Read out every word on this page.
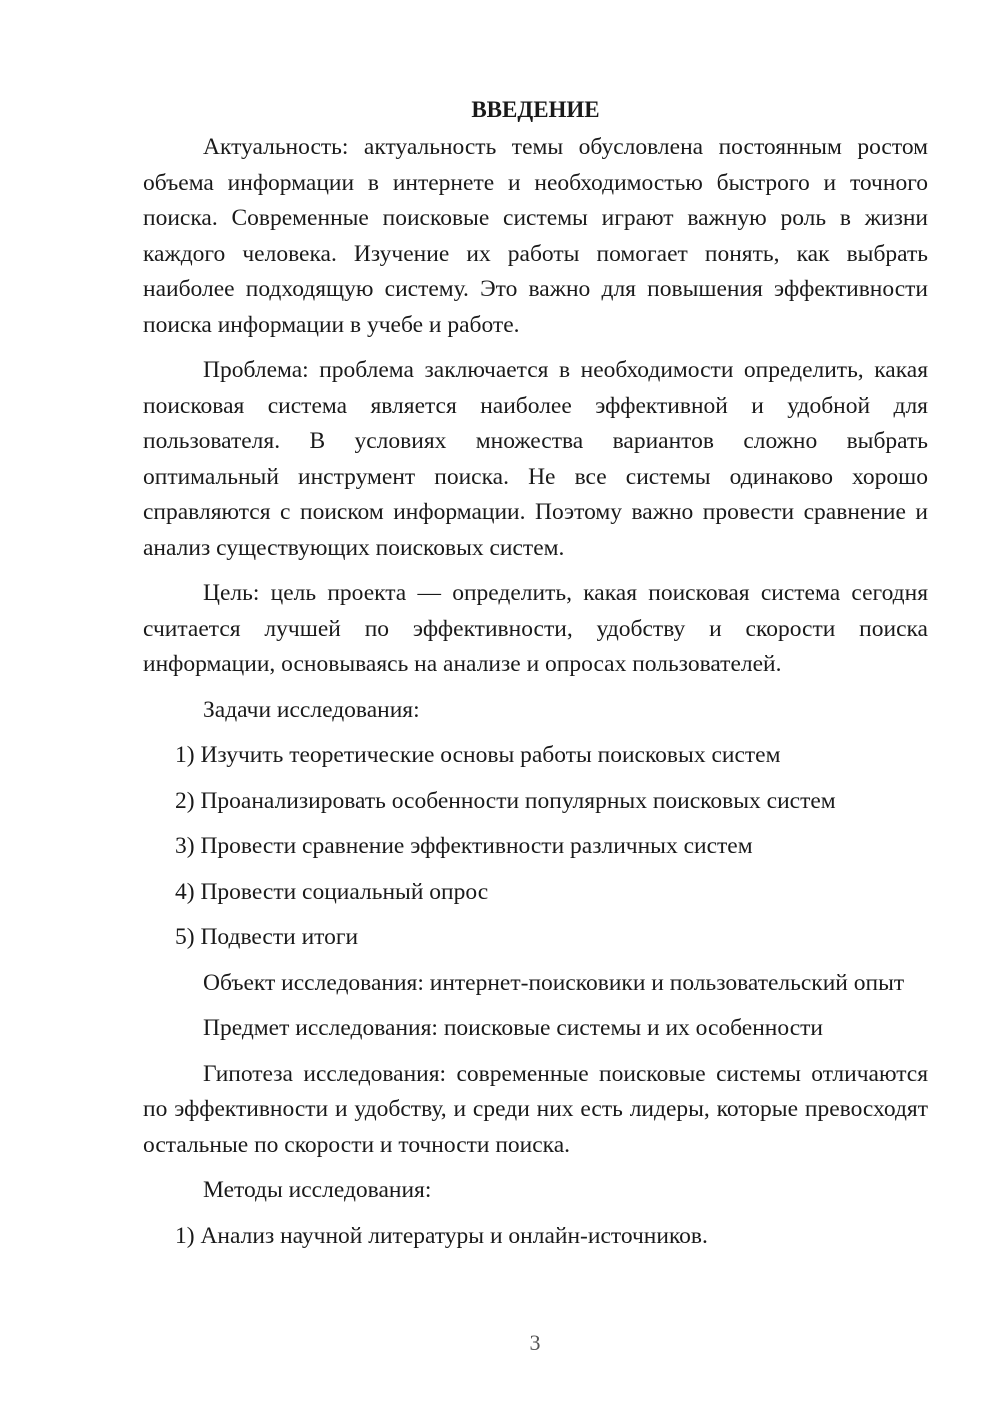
ВВЕДЕНИЕ

Актуальность: актуальность темы обусловлена постоянным ростом объема информации в интернете и необходимостью быстрого и точного поиска. Современные поисковые системы играют важную роль в жизни каждого человека. Изучение их работы помогает понять, как выбрать наиболее подходящую систему. Это важно для повышения эффективности поиска информации в учебе и работе.

Проблема: проблема заключается в необходимости определить, какая поисковая система является наиболее эффективной и удобной для пользователя. В условиях множества вариантов сложно выбрать оптимальный инструмент поиска. Не все системы одинаково хорошо справляются с поиском информации. Поэтому важно провести сравнение и анализ существующих поисковых систем.

Цель: цель проекта — определить, какая поисковая система сегодня считается лучшей по эффективности, удобству и скорости поиска информации, основываясь на анализе и опросах пользователей.

Задачи исследования:

1) Изучить теоретические основы работы поисковых систем

2) Проанализировать особенности популярных поисковых систем

3) Провести сравнение эффективности различных систем

4) Провести социальный опрос

5) Подвести итоги

Объект исследования: интернет-поисковики и пользовательский опыт

Предмет исследования: поисковые системы и их особенности

Гипотеза исследования: современные поисковые системы отличаются по эффективности и удобству, и среди них есть лидеры, которые превосходят остальные по скорости и точности поиска.

Методы исследования:

1) Анализ научной литературы и онлайн-источников.

3
